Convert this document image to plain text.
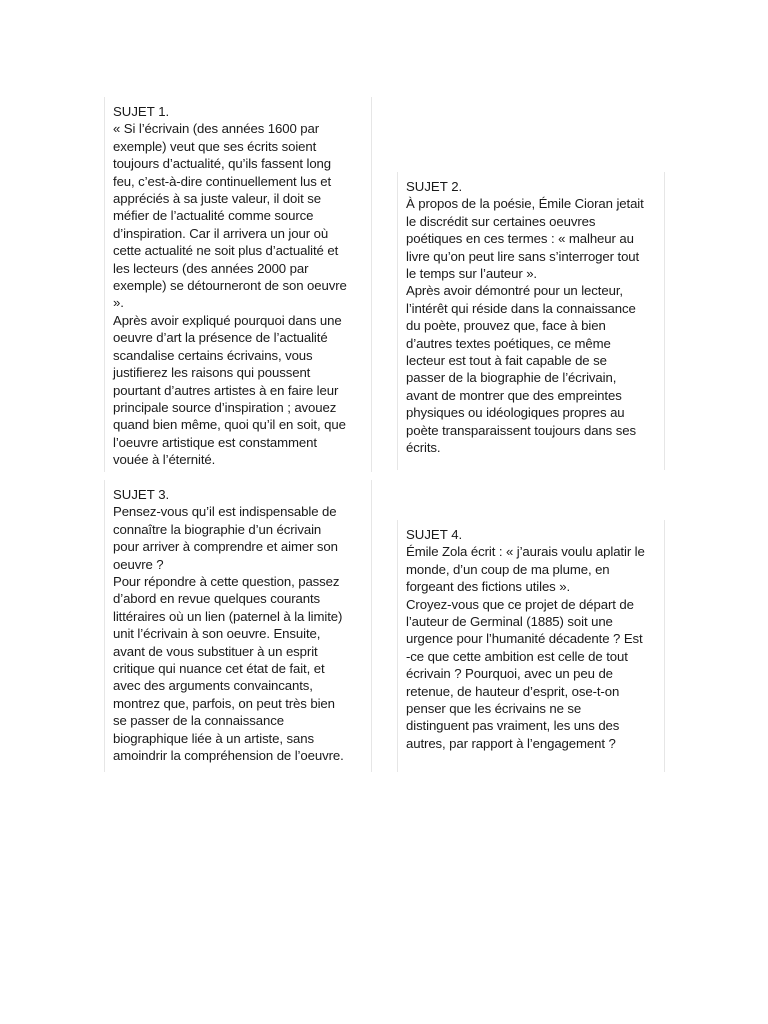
SUJET 1.

« Si l’écrivain (des années 1600 par
exemple) veut que ses écrits soient
toujours d’actualité, qu’ils fassent long
feu, c’est-à-dire continuellement lus et
appréciés à sa juste valeur, il doit se
méfier de l’actualité comme source
d’inspiration. Car il arrivera un jour où
cette actualité ne soit plus d’actualité et
les lecteurs (des années 2000 par
exemple) se détourneront de son oeuvre
».
Après avoir expliqué pourquoi dans une
oeuvre d’art la présence de l’actualité
scandalise certains écrivains, vous
justifierez les raisons qui poussent
pourtant d’autres artistes à en faire leur
principale source d’inspiration ; avouez
quand bien même, quoi qu’il en soit, que
l’oeuvre artistique est constamment
vouée à l’éternité.

SUJET 2.

À propos de la poésie, Émile Cioran jetait
le discrédit sur certaines oeuvres
poétiques en ces termes : « malheur au
livre qu’on peut lire sans s’interroger tout
le temps sur l’auteur ».
Après avoir démontré pour un lecteur,
l’intérêt qui réside dans la connaissance
du poète, prouvez que, face à bien
d’autres textes poétiques, ce même
lecteur est tout à fait capable de se
passer de la biographie de l’écrivain,
avant de montrer que des empreintes
physiques ou idéologiques propres au
poète transparaissent toujours dans ses
écrits.

SUJET 3.

Pensez-vous qu’il est indispensable de
connaître la biographie d’un écrivain
pour arriver à comprendre et aimer son
oeuvre ?
Pour répondre à cette question, passez
d’abord en revue quelques courants
littéraires où un lien (paternel à la limite)
unit l’écrivain à son oeuvre. Ensuite,
avant de vous substituer à un esprit
critique qui nuance cet état de fait, et
avec des arguments convaincants,
montrez que, parfois, on peut très bien
se passer de la connaissance
biographique liée à un artiste, sans
amoindrir la compréhension de l’oeuvre.

SUJET 4.

Émile Zola écrit : « j’aurais voulu aplatir le
monde, d’un coup de ma plume, en
forgeant des fictions utiles ».
Croyez-vous que ce projet de départ de
l’auteur de Germinal (1885) soit une
urgence pour l’humanité décadente ? Est
-ce que cette ambition est celle de tout
écrivain ? Pourquoi, avec un peu de
retenue, de hauteur d’esprit, ose-t-on
penser que les écrivains ne se
distinguent pas vraiment, les uns des
autres, par rapport à l’engagement ?
